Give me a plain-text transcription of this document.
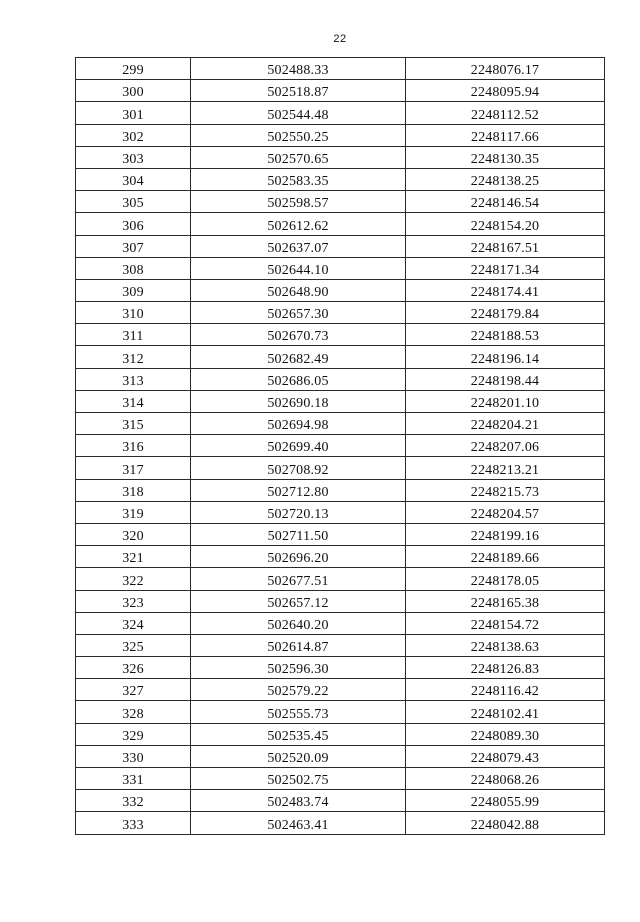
22
299	502488.33	2248076.17
300	502518.87	2248095.94
301	502544.48	2248112.52
302	502550.25	2248117.66
303	502570.65	2248130.35
304	502583.35	2248138.25
305	502598.57	2248146.54
306	502612.62	2248154.20
307	502637.07	2248167.51
308	502644.10	2248171.34
309	502648.90	2248174.41
310	502657.30	2248179.84
311	502670.73	2248188.53
312	502682.49	2248196.14
313	502686.05	2248198.44
314	502690.18	2248201.10
315	502694.98	2248204.21
316	502699.40	2248207.06
317	502708.92	2248213.21
318	502712.80	2248215.73
319	502720.13	2248204.57
320	502711.50	2248199.16
321	502696.20	2248189.66
322	502677.51	2248178.05
323	502657.12	2248165.38
324	502640.20	2248154.72
325	502614.87	2248138.63
326	502596.30	2248126.83
327	502579.22	2248116.42
328	502555.73	2248102.41
329	502535.45	2248089.30
330	502520.09	2248079.43
331	502502.75	2248068.26
332	502483.74	2248055.99
333	502463.41	2248042.88
